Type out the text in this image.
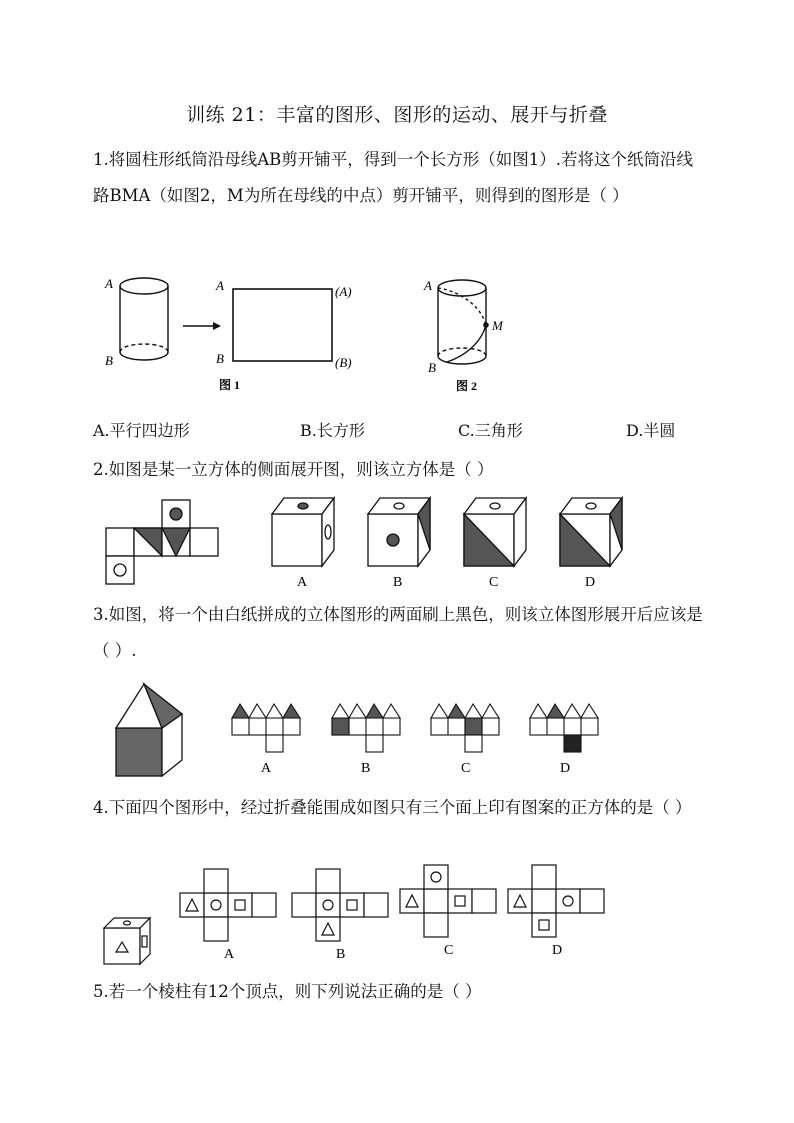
训练 21：丰富的图形、图形的运动、展开与折叠
1.将圆柱形纸筒沿母线AB剪开铺平，得到一个长方形（如图1）.若将这个纸筒沿线路BMA（如图2，M为所在母线的中点）剪开铺平，则得到的图形是（ ）
A
B
A
B
(A)
(B)
图 1
A
B
M
图 2
A.平行四边形	B.长方形	C.三角形	D.半圆
2.如图是某一立方体的侧面展开图，则该立方体是（ ）
A	B	C	D
3.如图，将一个由白纸拼成的立体图形的两面刷上黑色，则该立体图形展开后应该是（ ）.
A	B	C	D
4.下面四个图形中，经过折叠能围成如图只有三个面上印有图案的正方体的是（ ）
A	B	C	D
5.若一个棱柱有12个顶点，则下列说法正确的是（ ）
